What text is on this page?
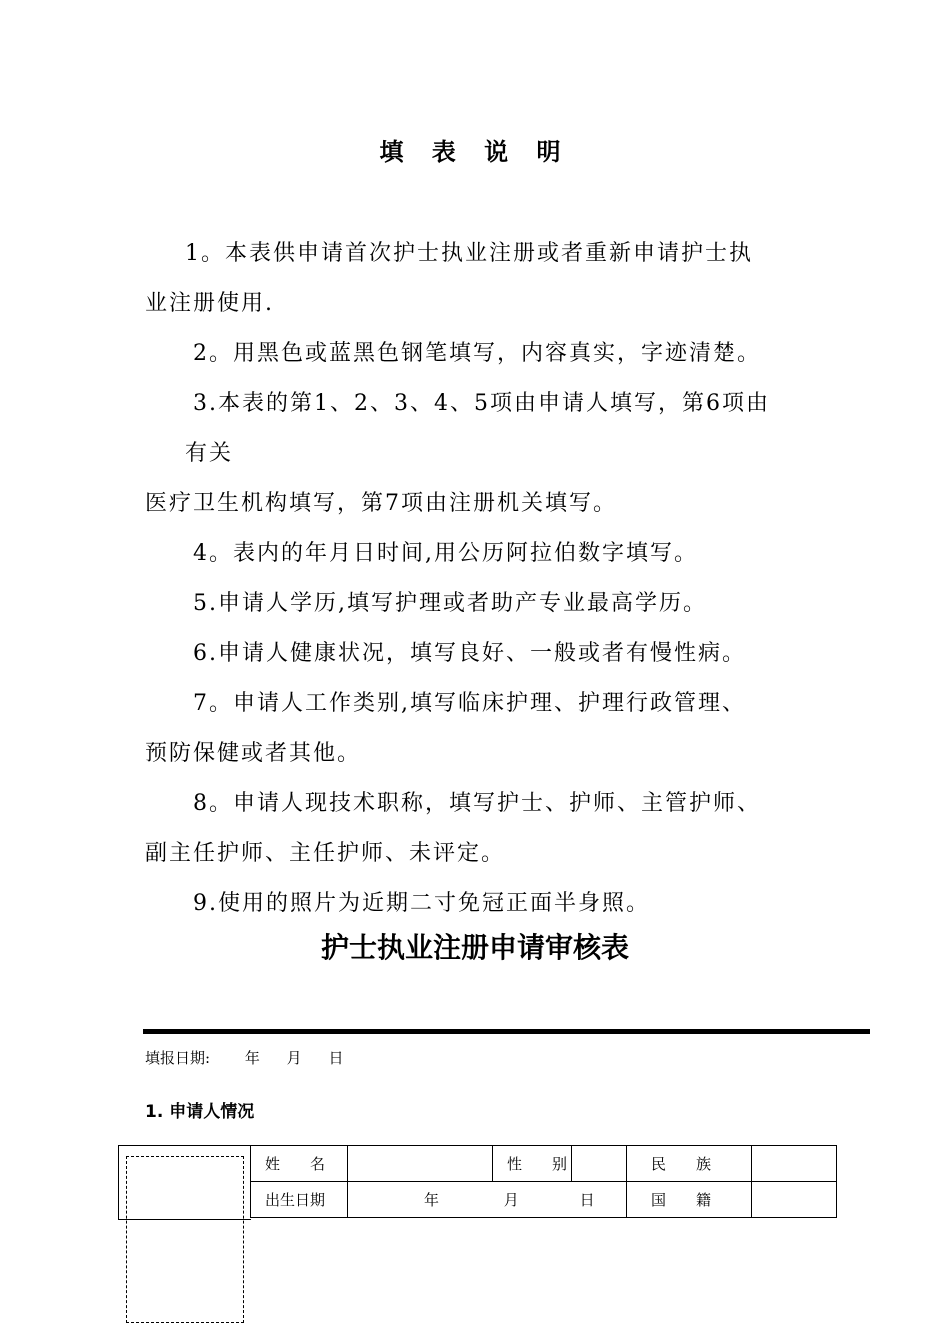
填 表 说 明
1。本表供申请首次护士执业注册或者重新申请护士执
业注册使用.
2。用黑色或蓝黑色钢笔填写，内容真实，字迹清楚。
3.本表的第1、2、3、4、5项由申请人填写，第6项由
有关
医疗卫生机构填写，第7项由注册机关填写。
4。表内的年月日时间,用公历阿拉伯数字填写。
5.申请人学历,填写护理或者助产专业最高学历。
6.申请人健康状况，填写良好、一般或者有慢性病。
7。申请人工作类别,填写临床护理、护理行政管理、
预防保健或者其他。
8。申请人现技术职称，填写护士、护师、主管护师、
副主任护师、主任护师、未评定。
9.使用的照片为近期二寸免冠正面半身照。
护士执业注册申请审核表
填报日期: 年 月 日
1. 申请人情况
姓　　名		性　　别		民　　族	
出生日期	年 月 日			国　　籍	
